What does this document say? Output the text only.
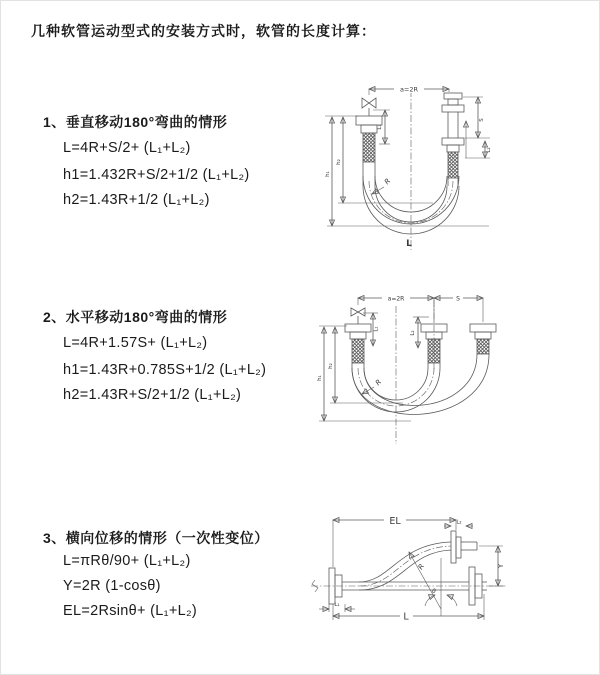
几种软管运动型式的安装方式时，软管的长度计算：
1、垂直移动180°弯曲的情形
L=4R+S/2+ (L₁+L₂)
h1=1.432R+S/2+1/2 (L₁+L₂)
h2=1.43R+1/2 (L₁+L₂)
2、水平移动180°弯曲的情形
L=4R+1.57S+ (L₁+L₂)
h1=1.43R+0.785S+1/2 (L₁+L₂)
h2=1.43R+S/2+1/2 (L₁+L₂)
3、横向位移的情形（一次性变位）
L=πRθ/90+ (L₁+L₂)
Y=2R (1-cosθ)
EL=2Rsinθ+ (L₁+L₂)
a=2R
S
L₂
L₁
h₂
h₁
R
L
a=2R	S
L₁
L₂
h₂
h₁
R
θ
R
EL	L₂
Y
L₁
L
